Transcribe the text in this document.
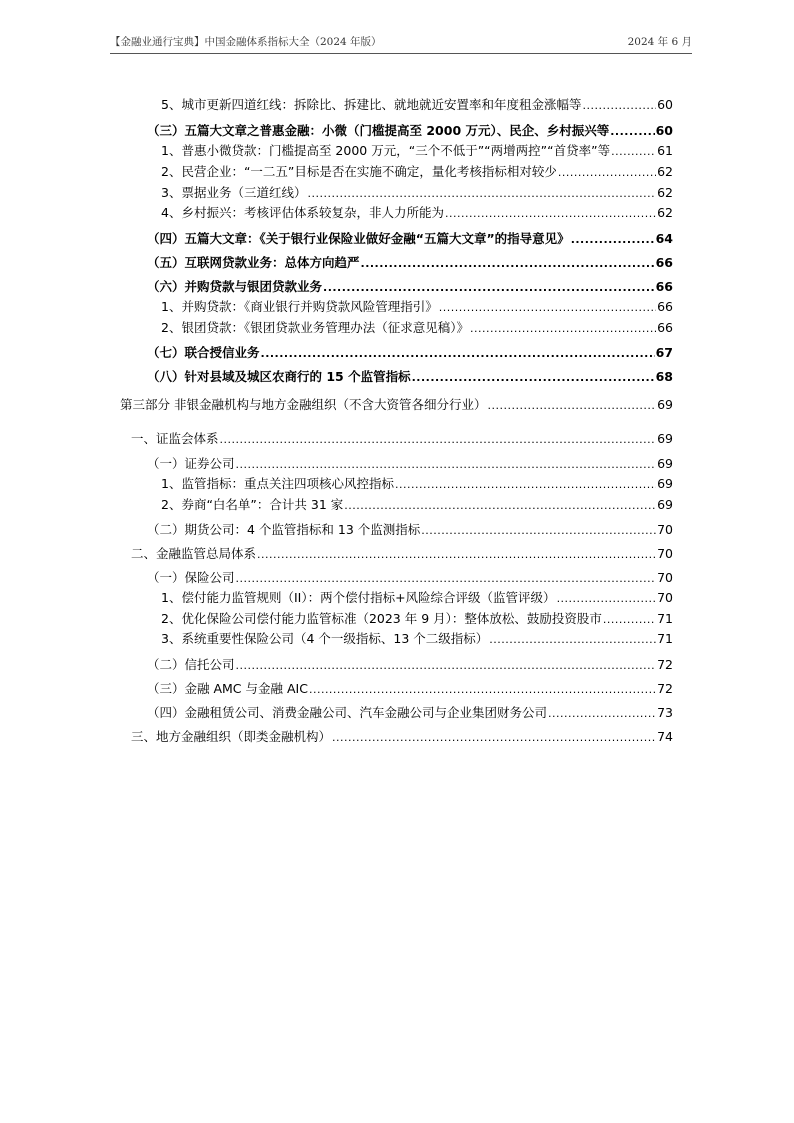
【金融业通行宝典】中国金融体系指标大全（2024 年版）	2024 年 6 月
5、城市更新四道红线：拆除比、拆建比、就地就近安置率和年度租金涨幅等 .....	60
（三）五篇大文章之普惠金融：小微（门槛提高至 2000 万元）、民企、乡村振兴等 .....	60
1、普惠小微贷款：门槛提高至 2000 万元，“三个不低于”“两增两控”“首贷率”等 .....	61
2、民营企业：“一二五”目标是否在实施不确定，量化考核指标相对较少 .....	62
3、票据业务（三道红线） .....	62
4、乡村振兴：考核评估体系较复杂，非人力所能为 .....	62
（四）五篇大文章：《关于银行业保险业做好金融“五篇大文章”的指导意见》 .....	64
（五）互联网贷款业务：总体方向趋严 .....	66
（六）并购贷款与银团贷款业务 .....	66
1、并购贷款：《商业银行并购贷款风险管理指引》 .....	66
2、银团贷款：《银团贷款业务管理办法（征求意见稿）》 .....	66
（七）联合授信业务 .....	67
（八）针对县域及城区农商行的 15 个监管指标 .....	68
第三部分 非银金融机构与地方金融组织（不含大资管各细分行业） .....	69
一、证监会体系 .....	69
（一）证券公司 .....	69
1、监管指标：重点关注四项核心风控指标 .....	69
2、券商“白名单”：合计共 31 家 .....	69
（二）期货公司：4 个监管指标和 13 个监测指标 .....	70
二、金融监管总局体系 .....	70
（一）保险公司 .....	70
1、偿付能力监管规则（II）：两个偿付指标+风险综合评级（监管评级） .....	70
2、优化保险公司偿付能力监管标准（2023 年 9 月）：整体放松、鼓励投资股市 .....	71
3、系统重要性保险公司（4 个一级指标、13 个二级指标） .....	71
（二）信托公司 .....	72
（三）金融 AMC 与金融 AIC .....	72
（四）金融租赁公司、消费金融公司、汽车金融公司与企业集团财务公司 .....	73
三、地方金融组织（即类金融机构） .....	74
